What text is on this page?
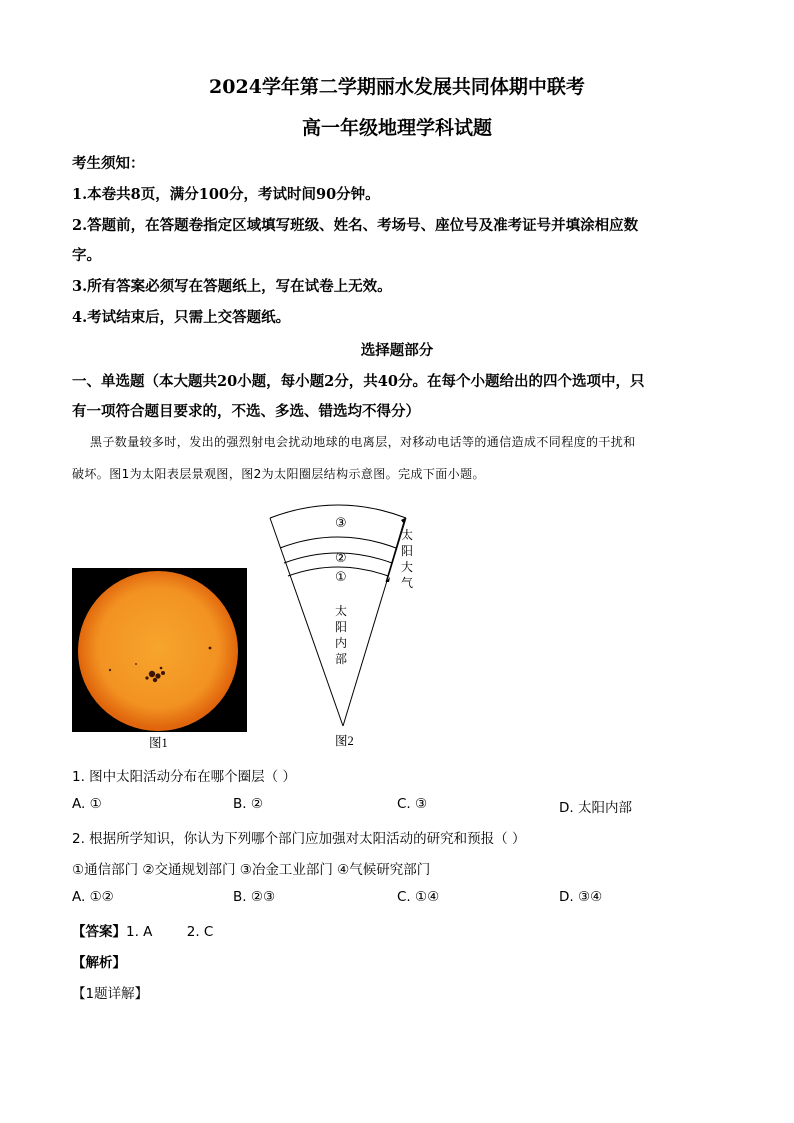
2024学年第二学期丽水发展共同体期中联考
高一年级地理学科试题
考生须知：
1.本卷共8页，满分100分，考试时间90分钟。
2.答题前，在答题卷指定区域填写班级、姓名、考场号、座位号及准考证号并填涂相应数
字。
3.所有答案必须写在答题纸上，写在试卷上无效。
4.考试结束后，只需上交答题纸。
选择题部分
一、单选题（本大题共20小题，每小题2分，共40分。在每个小题给出的四个选项中，只
有一项符合题目要求的，不选、多选、错选均不得分）
黑子数量较多时，发出的强烈射电会扰动地球的电离层，对移动电话等的通信造成不同程度的干扰和
破坏。图1为太阳表层景观图，图2为太阳圈层结构示意图。完成下面小题。
图1
③
②
①
太
阳
大
气
太
阳
内
部
图2
1. 图中太阳活动分布在哪个圈层（ ）
A. ①	B. ②	C. ③	D. 太阳内部
2. 根据所学知识，你认为下列哪个部门应加强对太阳活动的研究和预报（ ）
①通信部门 ②交通规划部门 ③冶金工业部门 ④气候研究部门
A. ①②	B. ②③	C. ①④	D. ③④
【答案】1. A        2. C
【解析】
【1题详解】
